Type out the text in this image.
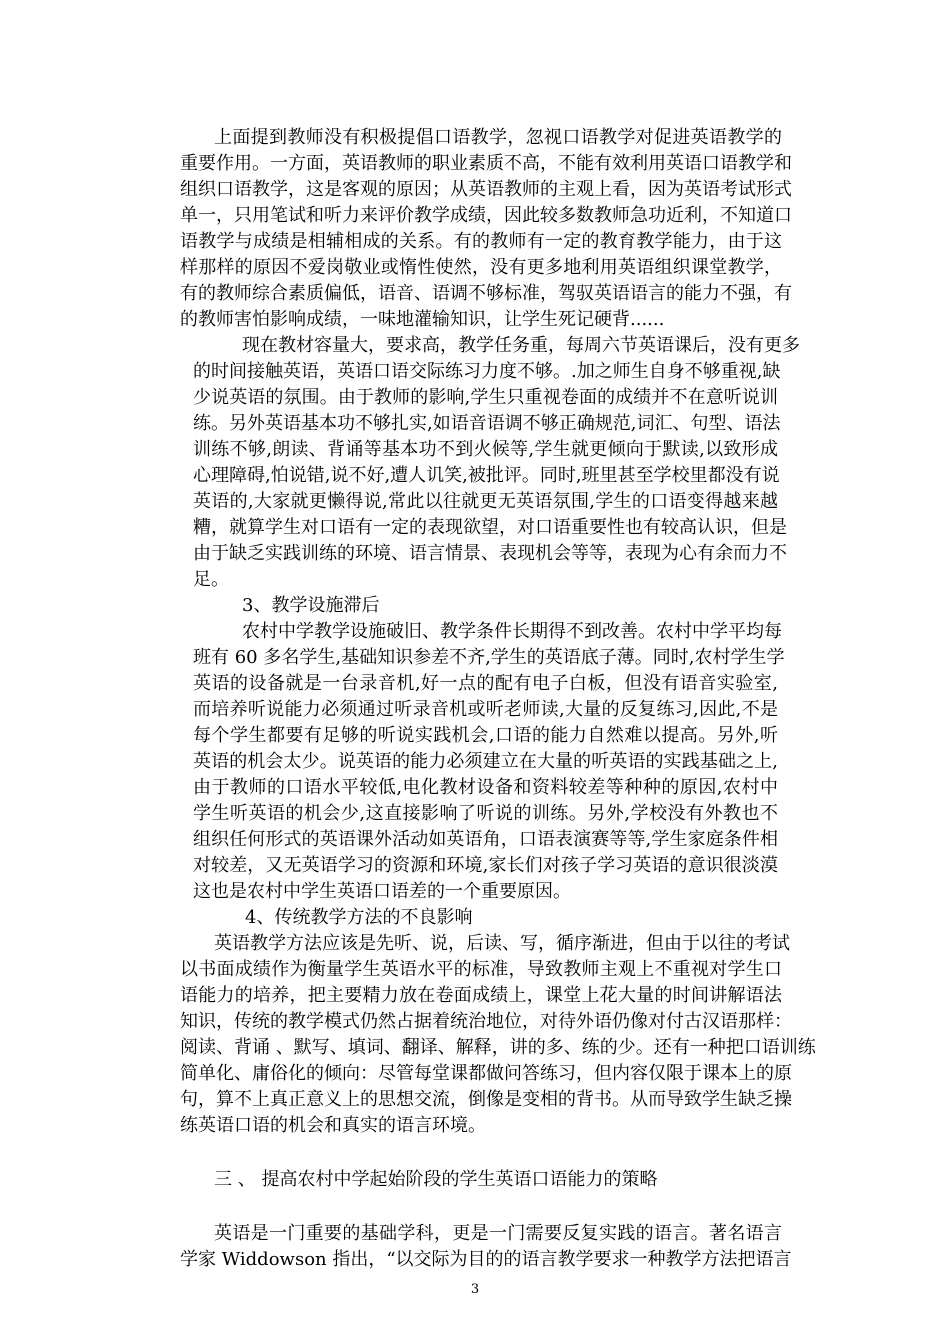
上面提到教师没有积极提倡口语教学，忽视口语教学对促进英语教学的
重要作用。一方面，英语教师的职业素质不高，不能有效利用英语口语教学和
组织口语教学，这是客观的原因；从英语教师的主观上看，因为英语考试形式
单一，只用笔试和听力来评价教学成绩，因此较多数教师急功近利，不知道口
语教学与成绩是相辅相成的关系。有的教师有一定的教育教学能力，由于这
样那样的原因不爱岗敬业或惰性使然，没有更多地利用英语组织课堂教学，
有的教师综合素质偏低，语音、语调不够标准，驾驭英语语言的能力不强，有
的教师害怕影响成绩，一味地灌输知识，让学生死记硬背......
现在教材容量大，要求高，教学任务重，每周六节英语课后，没有更多
的时间接触英语，英语口语交际练习力度不够。.加之师生自身不够重视,缺
少说英语的氛围。由于教师的影响,学生只重视卷面的成绩并不在意听说训
练。另外英语基本功不够扎实,如语音语调不够正确规范,词汇、句型、语法
训练不够,朗读、背诵等基本功不到火候等,学生就更倾向于默读,以致形成
心理障碍,怕说错,说不好,遭人讥笑,被批评。同时,班里甚至学校里都没有说
英语的,大家就更懒得说,常此以往就更无英语氛围,学生的口语变得越来越
糟，就算学生对口语有一定的表现欲望，对口语重要性也有较高认识，但是
由于缺乏实践训练的环境、语言情景、表现机会等等，表现为心有余而力不
足。
3、教学设施滞后
农村中学教学设施破旧、教学条件长期得不到改善。农村中学平均每
班有 60 多名学生,基础知识参差不齐,学生的英语底子薄。同时,农村学生学
英语的设备就是一台录音机,好一点的配有电子白板，但没有语音实验室,
而培养听说能力必须通过听录音机或听老师读,大量的反复练习,因此,不是
每个学生都要有足够的听说实践机会,口语的能力自然难以提高。另外,听
英语的机会太少。说英语的能力必须建立在大量的听英语的实践基础之上,
由于教师的口语水平较低,电化教材设备和资料较差等种种的原因,农村中
学生听英语的机会少,这直接影响了听说的训练。另外,学校没有外教也不
组织任何形式的英语课外活动如英语角，口语表演赛等等,学生家庭条件相
对较差，又无英语学习的资源和环境,家长们对孩子学习英语的意识很淡漠
这也是农村中学生英语口语差的一个重要原因。
4、传统教学方法的不良影响
英语教学方法应该是先听、说，后读、写，循序渐进，但由于以往的考试
以书面成绩作为衡量学生英语水平的标准，导致教师主观上不重视对学生口
语能力的培养，把主要精力放在卷面成绩上，课堂上花大量的时间讲解语法
知识，传统的教学模式仍然占据着统治地位，对待外语仍像对付古汉语那样：
阅读、背诵 、默写、填词、翻译、解释，讲的多、练的少。还有一种把口语训练
简单化、庸俗化的倾向：尽管每堂课都做问答练习，但内容仅限于课本上的原
句，算不上真正意义上的思想交流，倒像是变相的背书。从而导致学生缺乏操
练英语口语的机会和真实的语言环境。
三 、 提高农村中学起始阶段的学生英语口语能力的策略
英语是一门重要的基础学科，更是一门需要反复实践的语言。著名语言
学家 Widdowson 指出，“以交际为目的的语言教学要求一种教学方法把语言
3
